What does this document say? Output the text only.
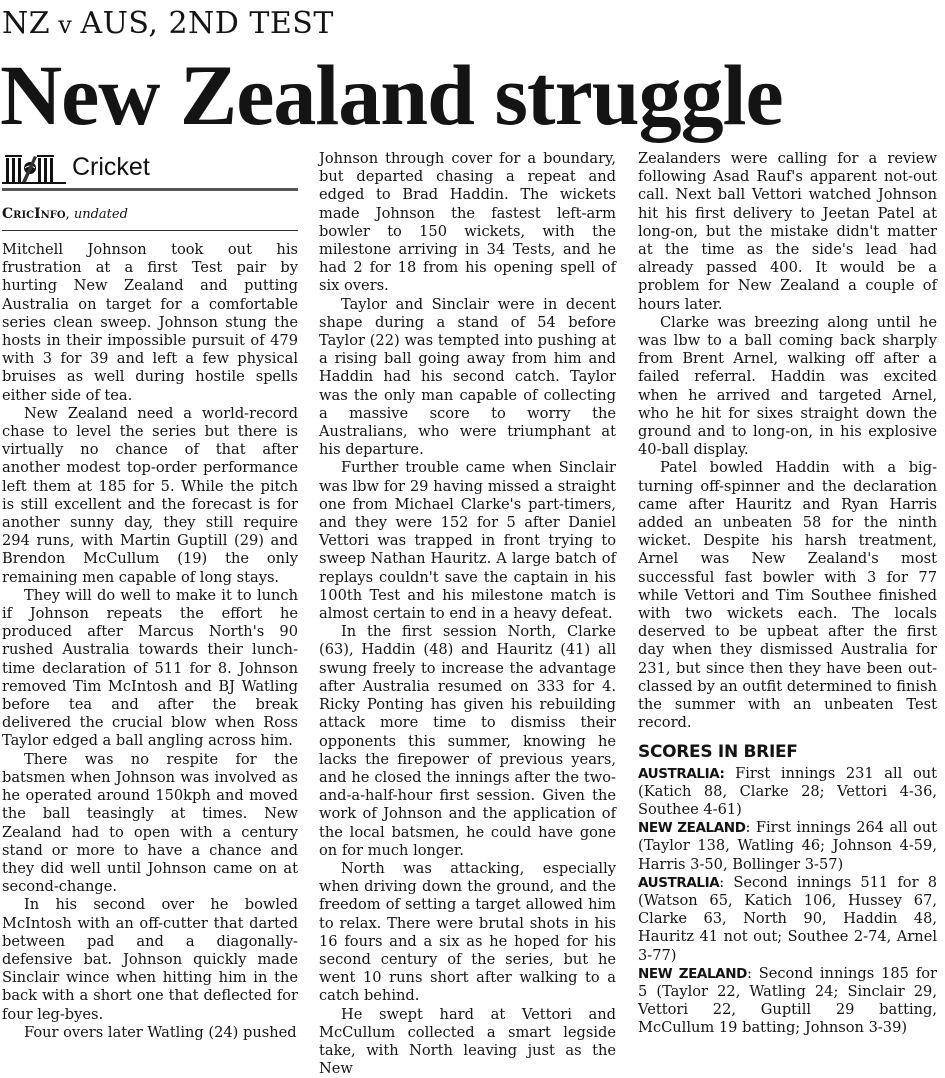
NZ v AUS, 2ND TEST
New Zealand struggle
Cricket
CricInfo, undated

Mitchell Johnson took out his frustration at a first Test pair by hurting New Zealand and putting Australia on target for a comfortable series clean sweep. Johnson stung the hosts in their impossible pursuit of 479 with 3 for 39 and left a few physical bruises as well during hostile spells either side of tea.

New Zealand need a world-record chase to level the series but there is virtually no chance of that after another modest top-order performance left them at 185 for 5. While the pitch is still excellent and the forecast is for another sunny day, they still require 294 runs, with Martin Guptill (29) and Brendon McCullum (19) the only remaining men capable of long stays.

They will do well to make it to lunch if Johnson repeats the effort he produced after Marcus North's 90 rushed Australia towards their lunch-time declaration of 511 for 8. Johnson removed Tim McIntosh and BJ Watling before tea and after the break delivered the crucial blow when Ross Taylor edged a ball angling across him.

There was no respite for the batsmen when Johnson was involved as he operated around 150kph and moved the ball teasingly at times. New Zealand had to open with a century stand or more to have a chance and they did well until Johnson came on at second-change.

In his second over he bowled McIntosh with an off-cutter that darted between pad and a diagonally-defensive bat. Johnson quickly made Sinclair wince when hitting him in the back with a short one that deflected for four leg-byes.

Four overs later Watling (24) pushed

Johnson through cover for a boundary, but departed chasing a repeat and edged to Brad Haddin. The wickets made Johnson the fastest left-arm bowler to 150 wickets, with the milestone arriving in 34 Tests, and he had 2 for 18 from his opening spell of six overs.

Taylor and Sinclair were in decent shape during a stand of 54 before Taylor (22) was tempted into pushing at a rising ball going away from him and Haddin had his second catch. Taylor was the only man capable of collecting a massive score to worry the Australians, who were triumphant at his departure.

Further trouble came when Sinclair was lbw for 29 having missed a straight one from Michael Clarke's part-timers, and they were 152 for 5 after Daniel Vettori was trapped in front trying to sweep Nathan Hauritz. A large batch of replays couldn't save the captain in his 100th Test and his milestone match is almost certain to end in a heavy defeat.

In the first session North, Clarke (63), Haddin (48) and Hauritz (41) all swung freely to increase the advantage after Australia resumed on 333 for 4. Ricky Ponting has given his rebuilding attack more time to dismiss their opponents this summer, knowing he lacks the firepower of previous years, and he closed the innings after the two-and-a-half-hour first session. Given the work of Johnson and the application of the local batsmen, he could have gone on for much longer.

North was attacking, especially when driving down the ground, and the freedom of setting a target allowed him to relax. There were brutal shots in his 16 fours and a six as he hoped for his second century of the series, but he went 10 runs short after walking to a catch behind.

He swept hard at Vettori and McCullum collected a smart legside take, with North leaving just as the New

Zealanders were calling for a review following Asad Rauf's apparent not-out call. Next ball Vettori watched Johnson hit his first delivery to Jeetan Patel at long-on, but the mistake didn't matter at the time as the side's lead had already passed 400. It would be a problem for New Zealand a couple of hours later.

Clarke was breezing along until he was lbw to a ball coming back sharply from Brent Arnel, walking off after a failed referral. Haddin was excited when he arrived and targeted Arnel, who he hit for sixes straight down the ground and to long-on, in his explosive 40-ball display.

Patel bowled Haddin with a big-turning off-spinner and the declaration came after Hauritz and Ryan Harris added an unbeaten 58 for the ninth wicket. Despite his harsh treatment, Arnel was New Zealand's most successful fast bowler with 3 for 77 while Vettori and Tim Southee finished with two wickets each. The locals deserved to be upbeat after the first day when they dismissed Australia for 231, but since then they have been out-classed by an outfit determined to finish the summer with an unbeaten Test record.

SCORES IN BRIEF

AUSTRALIA: First innings 231 all out (Katich 88, Clarke 28; Vettori 4-36, Southee 4-61)

NEW ZEALAND: First innings 264 all out (Taylor 138, Watling 46; Johnson 4-59, Harris 3-50, Bollinger 3-57)

AUSTRALIA: Second innings 511 for 8 (Watson 65, Katich 106, Hussey 67, Clarke 63, North 90, Haddin 48, Hauritz 41 not out; Southee 2-74, Arnel 3-77)

NEW ZEALAND: Second innings 185 for 5 (Taylor 22, Watling 24; Sinclair 29, Vettori 22, Guptill 29 batting, McCullum 19 batting; Johnson 3-39)
